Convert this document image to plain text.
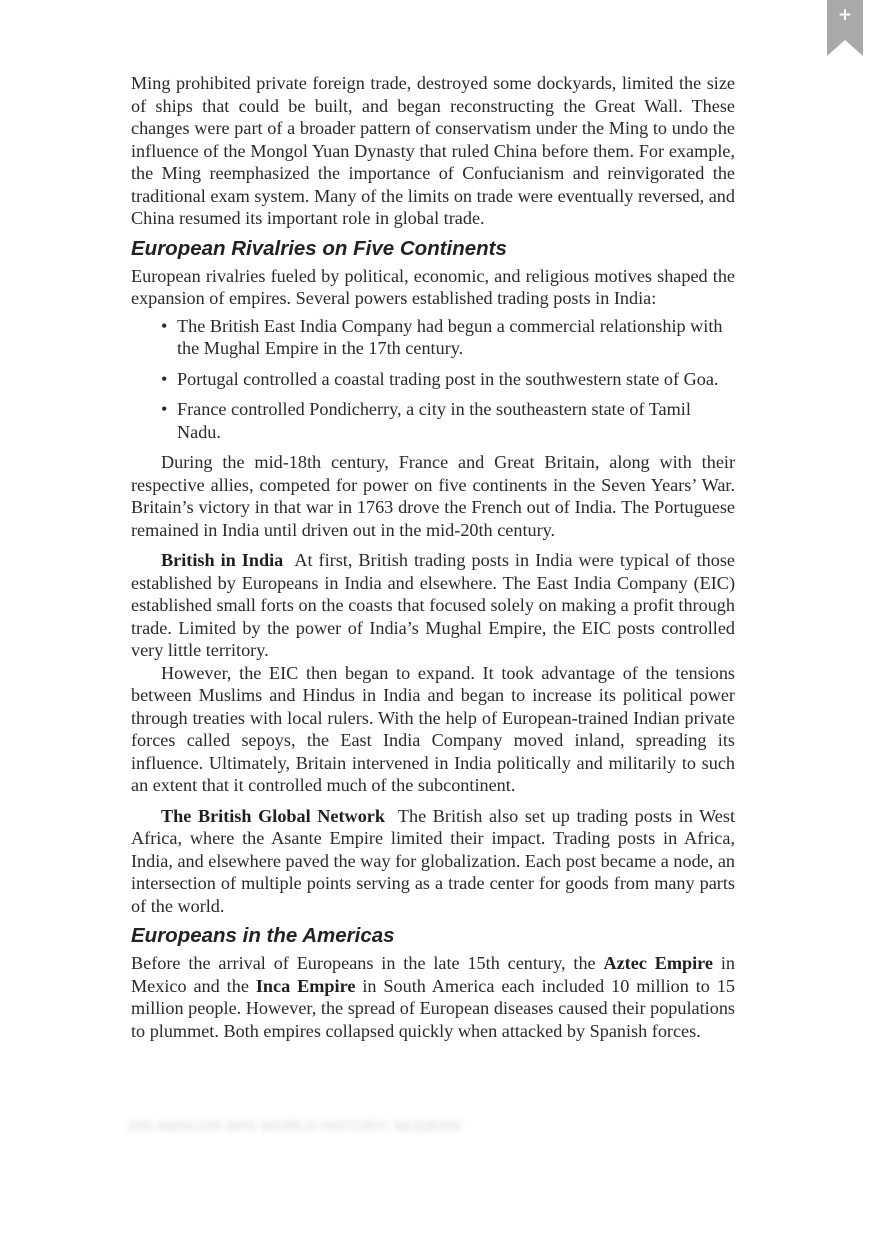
+

Ming prohibited private foreign trade, destroyed some dockyards, limited the size of ships that could be built, and began reconstructing the Great Wall. These changes were part of a broader pattern of conservatism under the Ming to undo the influence of the Mongol Yuan Dynasty that ruled China before them. For example, the Ming reemphasized the importance of Confucianism and reinvigorated the traditional exam system. Many of the limits on trade were eventually reversed, and China resumed its important role in global trade.

European Rivalries on Five Continents

European rivalries fueled by political, economic, and religious motives shaped the expansion of empires. Several powers established trading posts in India:

• The British East India Company had begun a commercial relationship with the Mughal Empire in the 17th century.
• Portugal controlled a coastal trading post in the southwestern state of Goa.
• France controlled Pondicherry, a city in the southeastern state of Tamil Nadu.

During the mid-18th century, France and Great Britain, along with their respective allies, competed for power on five continents in the Seven Years’ War. Britain’s victory in that war in 1763 drove the French out of India. The Portuguese remained in India until driven out in the mid-20th century.

British in India At first, British trading posts in India were typical of those established by Europeans in India and elsewhere. The East India Company (EIC) established small forts on the coasts that focused solely on making a profit through trade. Limited by the power of India’s Mughal Empire, the EIC posts controlled very little territory.

However, the EIC then began to expand. It took advantage of the tensions between Muslims and Hindus in India and began to increase its political power through treaties with local rulers. With the help of European-trained Indian private forces called sepoys, the East India Company moved inland, spreading its influence. Ultimately, Britain intervened in India politically and militarily to such an extent that it controlled much of the subcontinent.

The British Global Network The British also set up trading posts in West Africa, where the Asante Empire limited their impact. Trading posts in Africa, India, and elsewhere paved the way for globalization. Each post became a node, an intersection of multiple points serving as a trade center for goods from many parts of the world.

Europeans in the Americas

Before the arrival of Europeans in the late 15th century, the Aztec Empire in Mexico and the Inca Empire in South America each included 10 million to 15 million people. However, the spread of European diseases caused their populations to plummet. Both empires collapsed quickly when attacked by Spanish forces.

250 AMSCO® AP® WORLD HISTORY: MODERN
